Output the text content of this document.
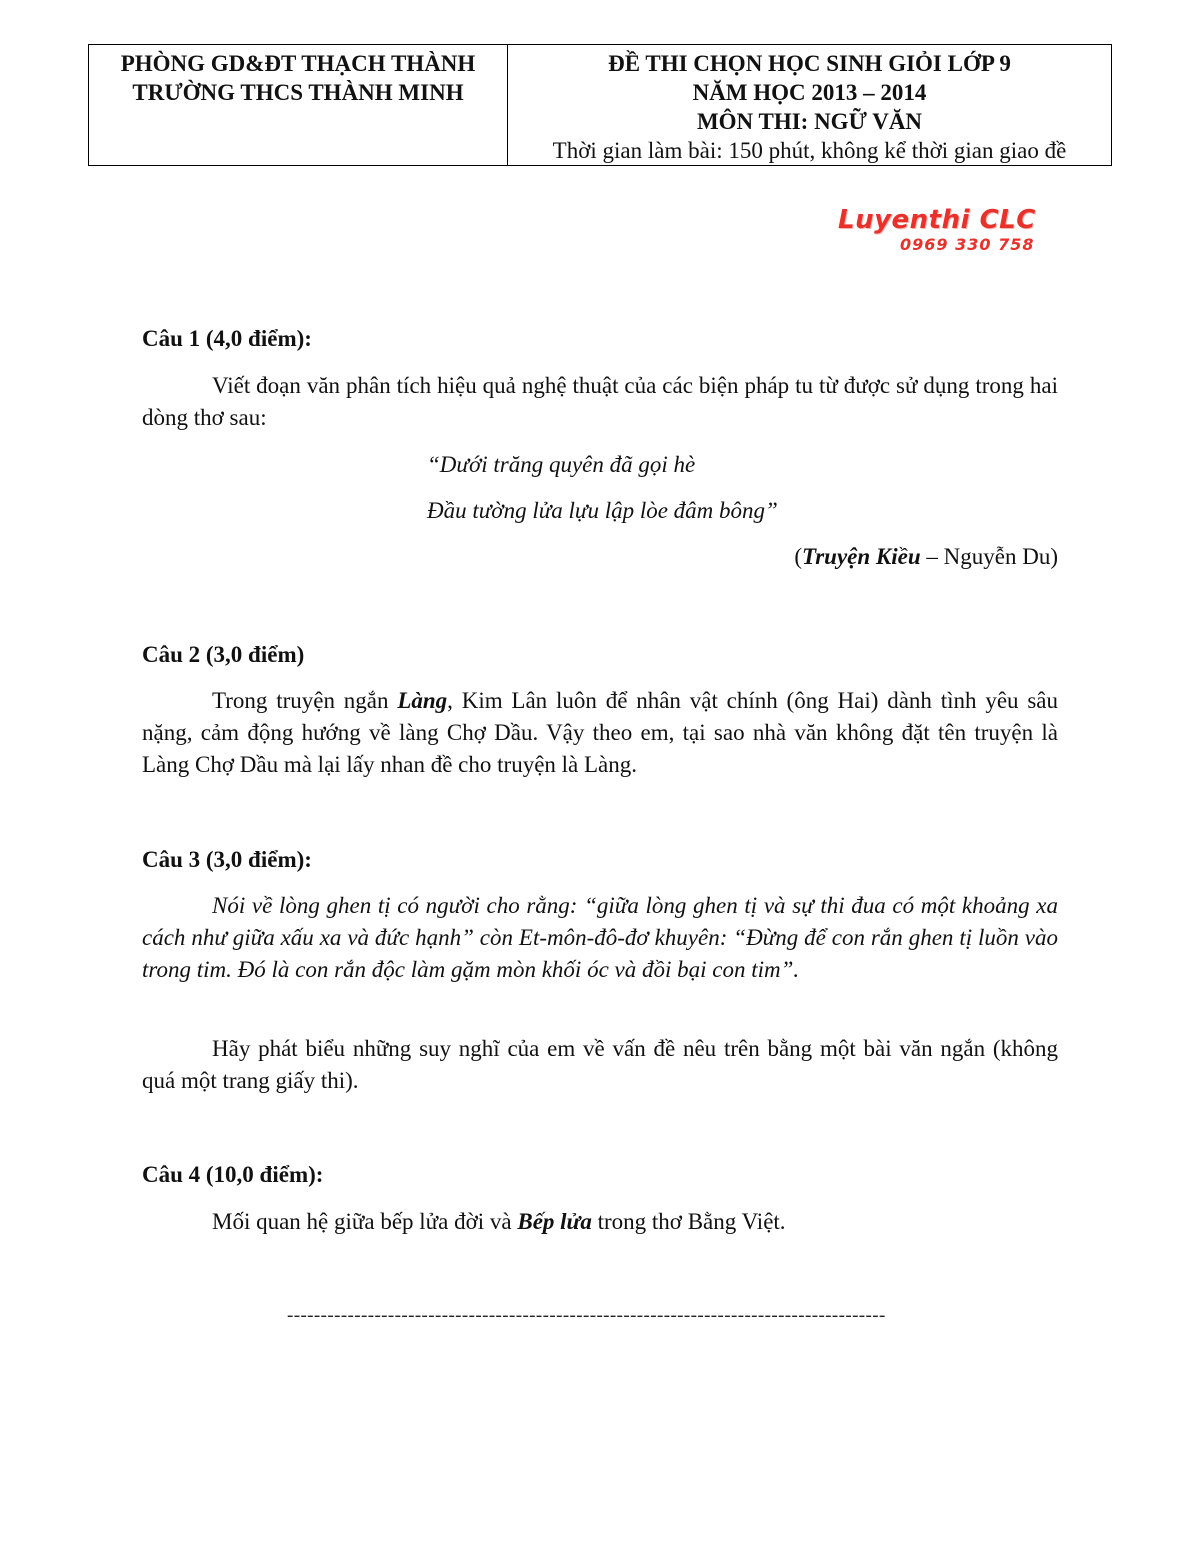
PHÒNG GD&ĐT THẠCH THÀNH
TRƯỜNG THCS THÀNH MINH

ĐỀ THI CHỌN HỌC SINH GIỎI LỚP 9
NĂM HỌC 2013 – 2014
MÔN THI: NGỮ VĂN
Thời gian làm bài: 150 phút, không kể thời gian giao đề
Luyenthi CLC
0969 330 758
Câu 1 (4,0 điểm):
Viết đoạn văn phân tích hiệu quả nghệ thuật của các biện pháp tu từ được sử dụng trong hai dòng thơ sau:
“Dưới trăng quyên đã gọi hè
Đầu tường lửa lựu lập lòe đâm bông”
(Truyện Kiều – Nguyễn Du)
Câu 2 (3,0 điểm)
Trong truyện ngắn Làng, Kim Lân luôn để nhân vật chính (ông Hai) dành tình yêu sâu nặng, cảm động hướng về làng Chợ Dầu. Vậy theo em, tại sao nhà văn không đặt tên truyện là Làng Chợ Dầu mà lại lấy nhan đề cho truyện là Làng.
Câu 3 (3,0 điểm):
Nói về lòng ghen tị có người cho rằng: “giữa lòng ghen tị và sự thi đua có một khoảng xa cách như giữa xấu xa và đức hạnh” còn Et-môn-đô-đơ khuyên: “Đừng để con rắn ghen tị luồn vào trong tim. Đó là con rắn độc làm gặm mòn khối óc và đồi bại con tim”.
Hãy phát biểu những suy nghĩ của em về vấn đề nêu trên bằng một bài văn ngắn (không quá một trang giấy thi).
Câu 4 (10,0 điểm):
Mối quan hệ giữa bếp lửa đời và Bếp lửa trong thơ Bằng Việt.
-----------------------------------------------------------------------------------------
